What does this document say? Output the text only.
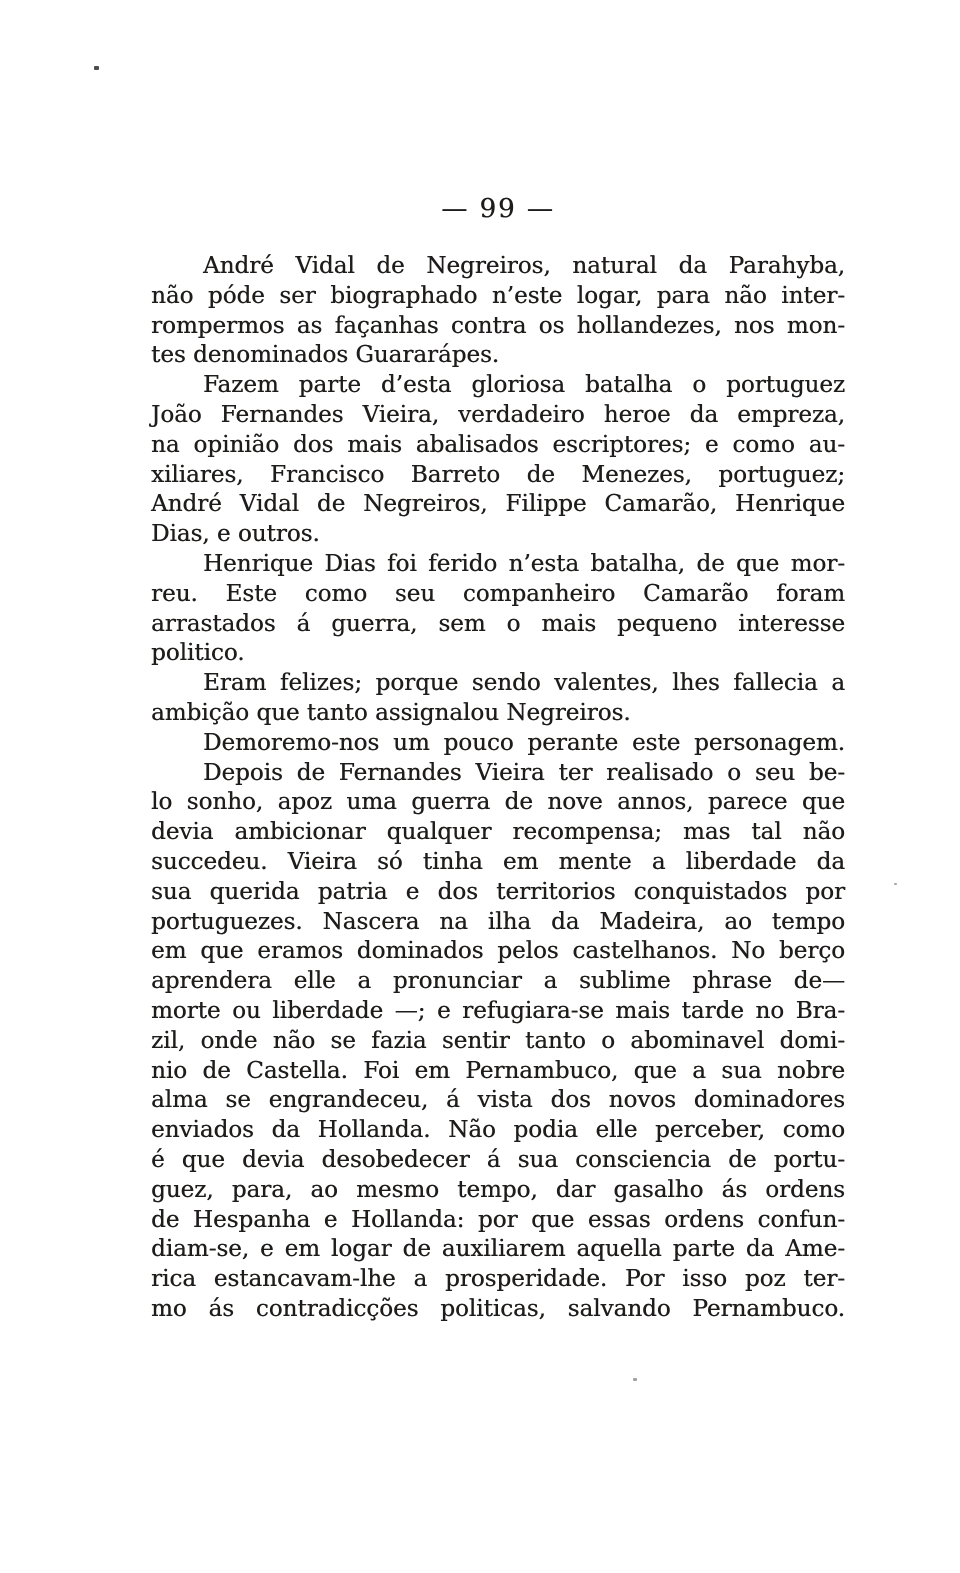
— 99 —
André Vidal de Negreiros, natural da Parahyba,
não póde ser biographado n’este logar, para não inter-
rompermos as façanhas contra os hollandezes, nos mon-
tes denominados Guararápes.
Fazem parte d’esta gloriosa batalha o portuguez
João Fernandes Vieira, verdadeiro heroe da empreza,
na opinião dos mais abalisados escriptores; e como au-
xiliares, Francisco Barreto de Menezes, portuguez;
André Vidal de Negreiros, Filippe Camarão, Henrique
Dias, e outros.
Henrique Dias foi ferido n’esta batalha, de que mor-
reu. Este como seu companheiro Camarão foram
arrastados á guerra, sem o mais pequeno interesse
politico.
Eram felizes; porque sendo valentes, lhes fallecia a
ambição que tanto assignalou Negreiros.
Demoremo-nos um pouco perante este personagem.
Depois de Fernandes Vieira ter realisado o seu be-
lo sonho, apoz uma guerra de nove annos, parece que
devia ambicionar qualquer recompensa; mas tal não
succedeu. Vieira só tinha em mente a liberdade da
sua querida patria e dos territorios conquistados por
portuguezes. Nascera na ilha da Madeira, ao tempo
em que eramos dominados pelos castelhanos. No berço
aprendera elle a pronunciar a sublime phrase de—
morte ou liberdade —; e refugiara-se mais tarde no Bra-
zil, onde não se fazia sentir tanto o abominavel domi-
nio de Castella. Foi em Pernambuco, que a sua nobre
alma se engrandeceu, á vista dos novos dominadores
enviados da Hollanda. Não podia elle perceber, como
é que devia desobedecer á sua consciencia de portu-
guez, para, ao mesmo tempo, dar gasalho ás ordens
de Hespanha e Hollanda: por que essas ordens confun-
diam-se, e em logar de auxiliarem aquella parte da Ame-
rica estancavam-lhe a prosperidade. Por isso poz ter-
mo ás contradicções politicas, salvando Pernambuco.
